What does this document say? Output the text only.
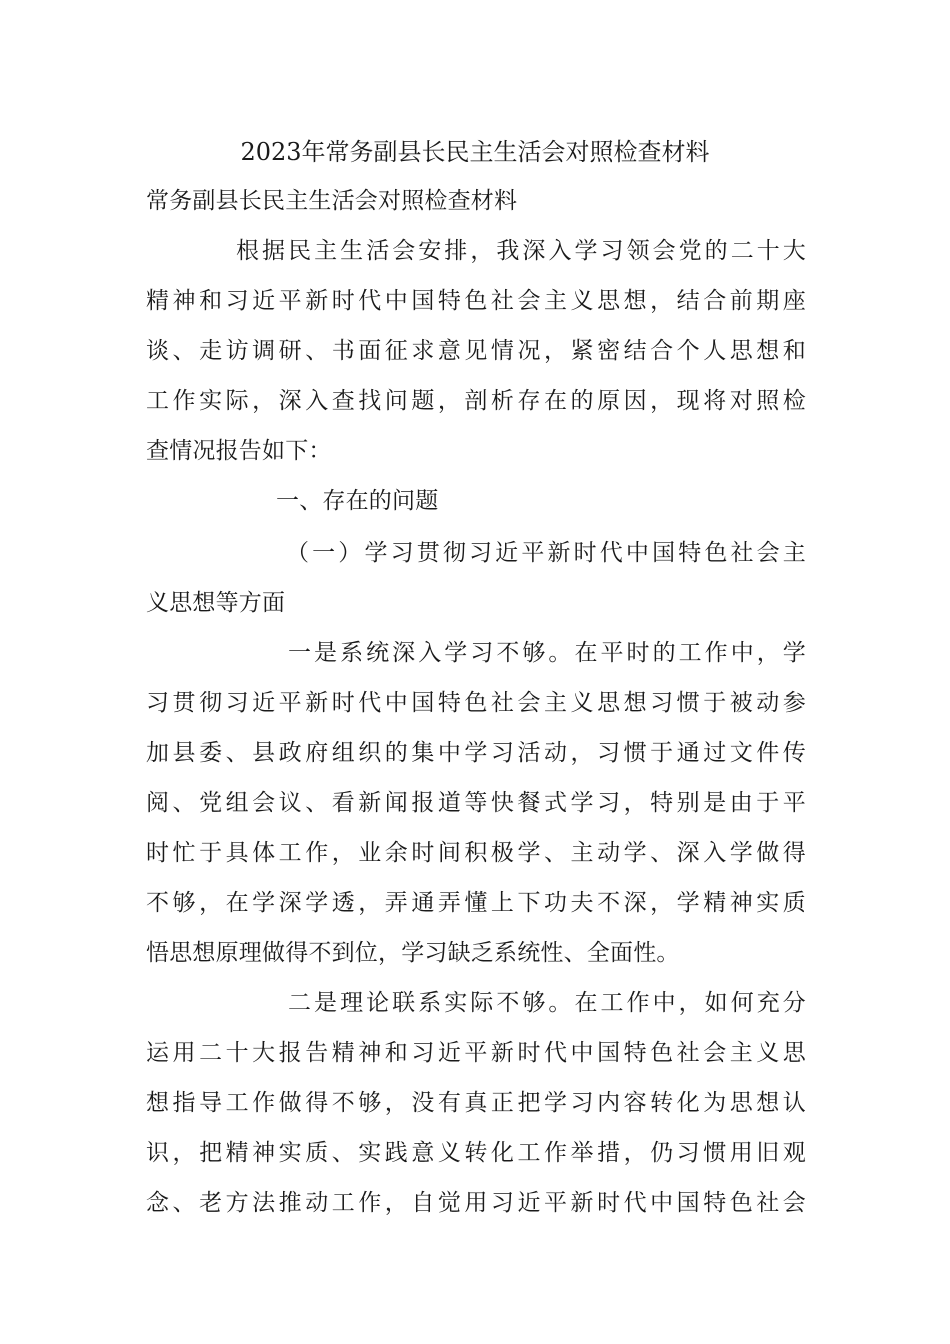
2023年常务副县长民主生活会对照检查材料
常务副县长民主生活会对照检查材料
根据民主生活会安排，我深入学习领会党的二十大
精神和习近平新时代中国特色社会主义思想，结合前期座
谈、走访调研、书面征求意见情况，紧密结合个人思想和
工作实际，深入查找问题，剖析存在的原因，现将对照检
查情况报告如下：
一、存在的问题
（一）学习贯彻习近平新时代中国特色社会主
义思想等方面
一是系统深入学习不够。在平时的工作中，学
习贯彻习近平新时代中国特色社会主义思想习惯于被动参
加县委、县政府组织的集中学习活动，习惯于通过文件传
阅、党组会议、看新闻报道等快餐式学习，特别是由于平
时忙于具体工作，业余时间积极学、主动学、深入学做得
不够，在学深学透，弄通弄懂上下功夫不深，学精神实质
悟思想原理做得不到位，学习缺乏系统性、全面性。
二是理论联系实际不够。在工作中，如何充分
运用二十大报告精神和习近平新时代中国特色社会主义思
想指导工作做得不够，没有真正把学习内容转化为思想认
识，把精神实质、实践意义转化工作举措，仍习惯用旧观
念、老方法推动工作，自觉用习近平新时代中国特色社会
